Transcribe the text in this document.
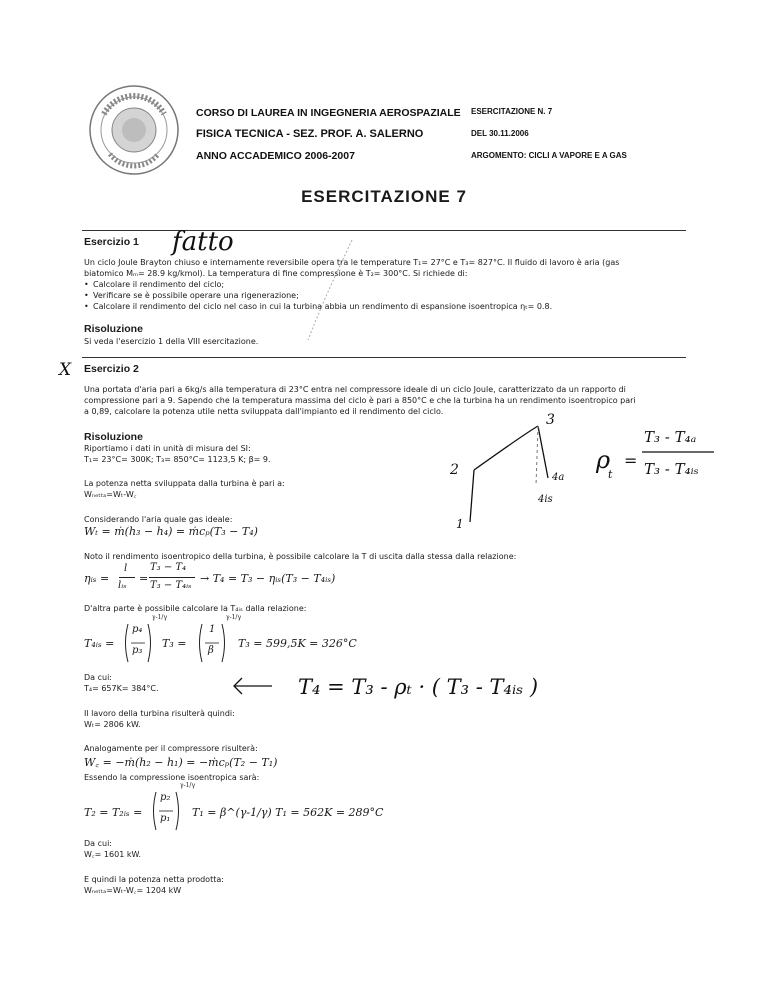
CORSO DI LAUREA IN INGEGNERIA AEROSPAZIALE
FISICA TECNICA - SEZ. PROF. A. SALERNO
ANNO ACCADEMICO 2006-2007
ESERCITAZIONE N. 7
DEL 30.11.2006
ARGOMENTO: CICLI A VAPORE E A GAS
ESERCITAZIONE 7
Esercizio 1 fatto
Un ciclo Joule Brayton chiuso e internamente reversibile opera tra le temperature T₁= 27°C e T₃= 827°C. Il fluido di lavoro è aria (gas
biatomico Mₘ= 28.9 kg/kmol). La temperatura di fine compressione è T₂= 300°C. Si richiede di:
• Calcolare il rendimento del ciclo;
• Verificare se è possibile operare una rigenerazione;
• Calcolare il rendimento del ciclo nel caso in cui la turbina abbia un rendimento di espansione isoentropica ηₜ= 0.8.
Risoluzione
Si veda l'esercizio 1 della VIII esercitazione.
X Esercizio 2
Una portata d'aria pari a 6kg/s alla temperatura di 23°C entra nel compressore ideale di un ciclo Joule, caratterizzato da un rapporto di
compressione pari a 9. Sapendo che la temperatura massima del ciclo è pari a 850°C e che la turbina ha un rendimento isoentropico pari
a 0,89, calcolare la potenza utile netta sviluppata dall'impianto ed il rendimento del ciclo.
Risoluzione
Riportiamo i dati in unità di misura del SI:
T₁= 23°C= 300K; T₃= 850°C= 1123,5 K; β= 9.
La potenza netta sviluppata dalla turbina è pari a:
Wₙₑₜₜₐ=Wₜ-W꜀
Considerando l'aria quale gas ideale:
Wₜ = ṁ(h₃ − h₄) = ṁcₚ(T₃ − T₄)
Noto il rendimento isoentropico della turbina, è possibile calcolare la T di uscita dalla stessa dalla relazione:
ηᵢₛ =
l
lᵢₛ
=
T₃ − T₄
T₃ − T₄ᵢₛ
→ T₄ = T₃ − ηᵢₛ(T₃ − T₄ᵢₛ)
D'altra parte è possibile calcolare la T₄ᵢₛ dalla relazione:
T₄ᵢₛ =
p₄
p₃
γ-1/γ
T₃ =
1
β
γ-1/γ
T₃ = 599,5K = 326°C
Da cui:
T₄= 657K= 384°C.
Il lavoro della turbina risulterà quindi:
Wₜ= 2806 kW.
Analogamente per il compressore risulterà:
W꜀ = −ṁ(h₂ − h₁) = −ṁcₚ(T₂ − T₁)
Essendo la compressione isoentropica sarà:
T₂ = T₂ᵢₛ =
p₂
p₁
γ-1/γ
T₁ = β^(γ-1/γ) T₁ = 562K = 289°C
Da cui:
W꜀= 1601 kW.
E quindi la potenza netta prodotta:
Wₙₑₜₜₐ=Wₜ-W꜀= 1204 kW
3
2
1
4a
4is
ρ
t
=
T₃ - T₄ₐ
T₃ - T₄ᵢₛ
T₄ = T₃ - ρₜ · ( T₃ - T₄ᵢₛ )
